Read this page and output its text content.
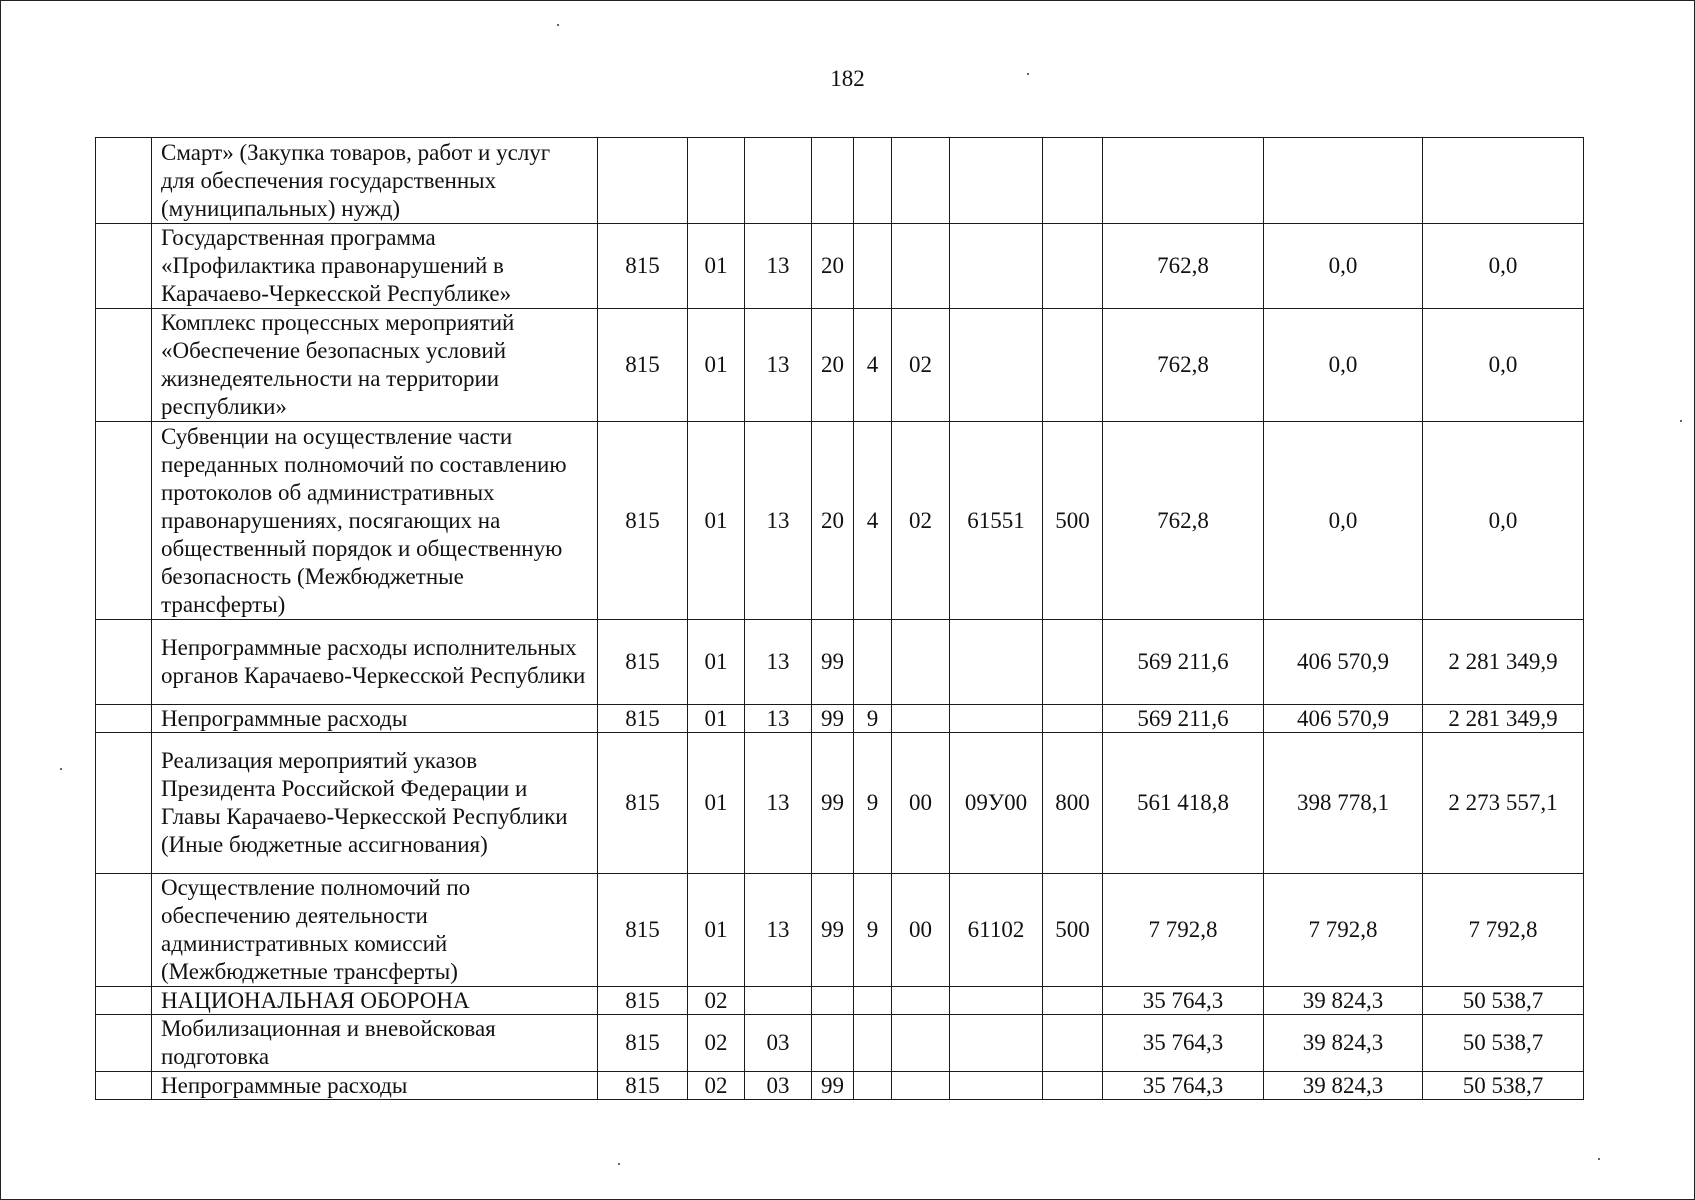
182
	Смарт» (Закупка товаров, работ и услуг для обеспечения государственных (муниципальных) нужд)											
	Государственная программа «Профилактика правонарушений в Карачаево-Черкесской Республике»	815	01	13	20					762,8	0,0	0,0
	Комплекс процессных мероприятий «Обеспечение безопасных условий жизнедеятельности на территории республики»	815	01	13	20	4	02			762,8	0,0	0,0
	Субвенции на осуществление части переданных полномочий по составлению протоколов об административных правонарушениях, посягающих на общественный порядок и общественную безопасность (Межбюджетные трансферты)	815	01	13	20	4	02	61551	500	762,8	0,0	0,0
	Непрограммные расходы исполнительных органов Карачаево-Черкесской Республики	815	01	13	99					569 211,6	406 570,9	2 281 349,9
	Непрограммные расходы	815	01	13	99	9				569 211,6	406 570,9	2 281 349,9
	Реализация мероприятий указов Президента Российской Федерации и Главы Карачаево-Черкесской Республики (Иные бюджетные ассигнования)	815	01	13	99	9	00	09У00	800	561 418,8	398 778,1	2 273 557,1
	Осуществление полномочий по обеспечению деятельности административных комиссий (Межбюджетные трансферты)	815	01	13	99	9	00	61102	500	7 792,8	7 792,8	7 792,8
	НАЦИОНАЛЬНАЯ ОБОРОНА	815	02							35 764,3	39 824,3	50 538,7
	Мобилизационная и вневойсковая подготовка	815	02	03						35 764,3	39 824,3	50 538,7
	Непрограммные расходы	815	02	03	99					35 764,3	39 824,3	50 538,7
